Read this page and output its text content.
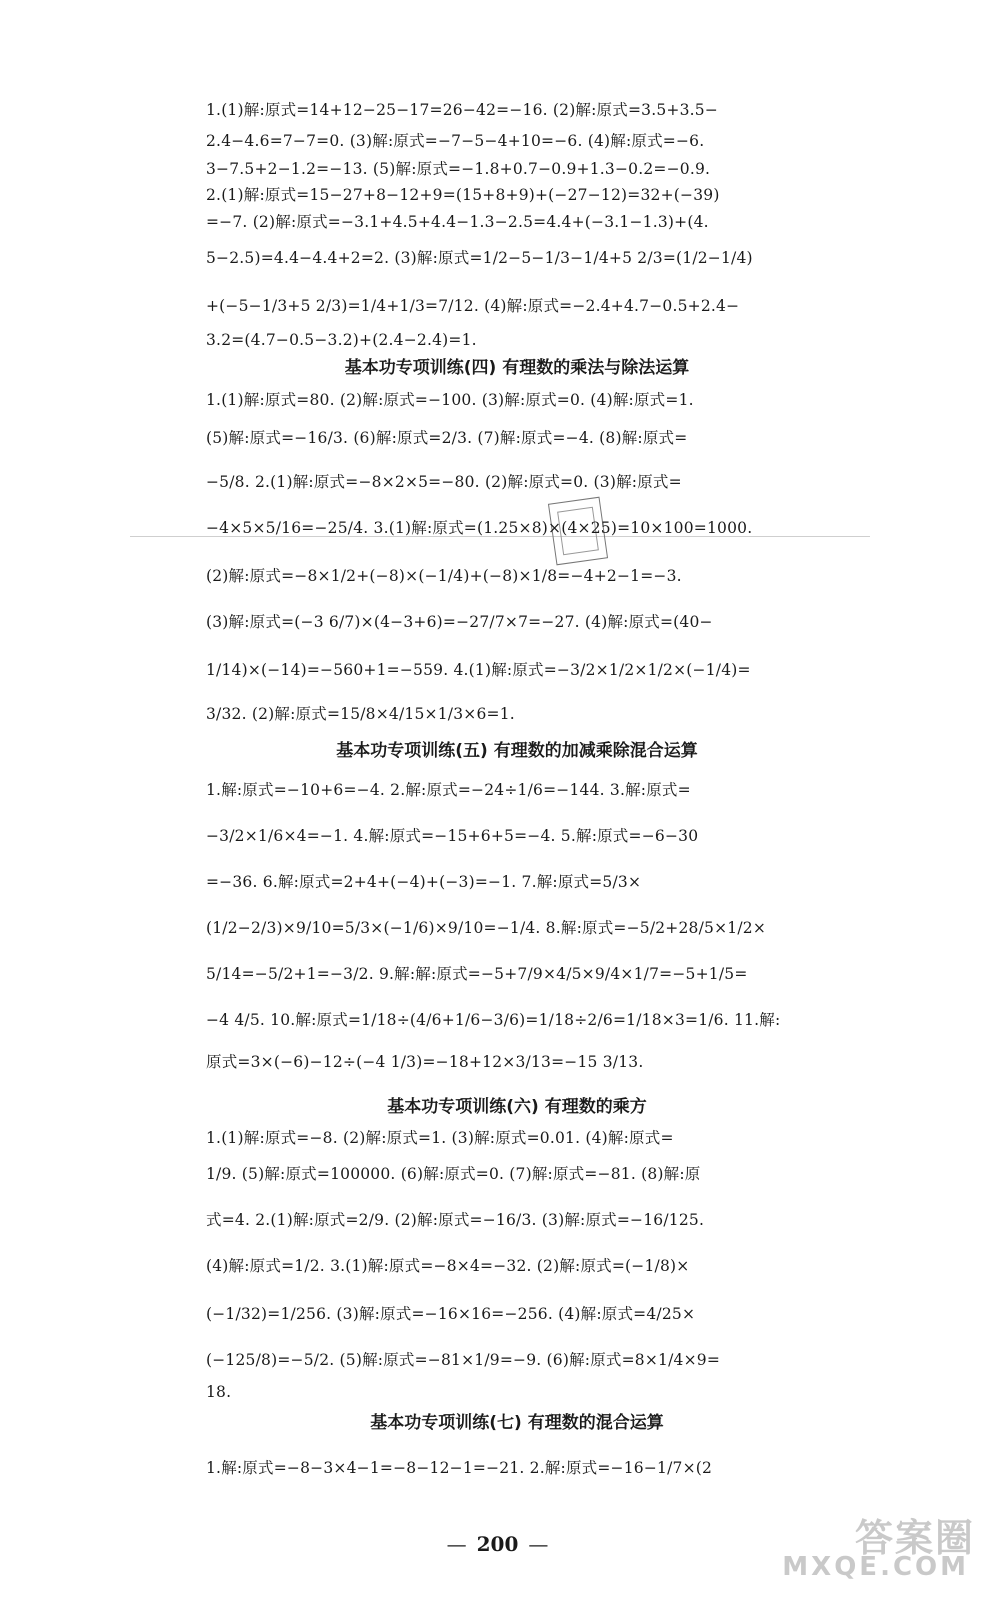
1.(1)解:原式=14+12−25−17=26−42=−16. (2)解:原式=3.5+3.5−
2.4−4.6=7−7=0. (3)解:原式=−7−5−4+10=−6. (4)解:原式=−6.
3−7.5+2−1.2=−13. (5)解:原式=−1.8+0.7−0.9+1.3−0.2=−0.9.
2.(1)解:原式=15−27+8−12+9=(15+8+9)+(−27−12)=32+(−39)
=−7. (2)解:原式=−3.1+4.5+4.4−1.3−2.5=4.4+(−3.1−1.3)+(4.
5−2.5)=4.4−4.4+2=2. (3)解:原式=1/2−5−1/3−1/4+5 2/3=(1/2−1/4)
+(−5−1/3+5 2/3)=1/4+1/3=7/12. (4)解:原式=−2.4+4.7−0.5+2.4−
3.2=(4.7−0.5−3.2)+(2.4−2.4)=1.
基本功专项训练(四) 有理数的乘法与除法运算
1.(1)解:原式=80. (2)解:原式=−100. (3)解:原式=0. (4)解:原式=1.
(5)解:原式=−16/3. (6)解:原式=2/3. (7)解:原式=−4. (8)解:原式=
−5/8. 2.(1)解:原式=−8×2×5=−80. (2)解:原式=0. (3)解:原式=
−4×5×5/16=−25/4. 3.(1)解:原式=(1.25×8)×(4×25)=10×100=1000.
(2)解:原式=−8×1/2+(−8)×(−1/4)+(−8)×1/8=−4+2−1=−3.
(3)解:原式=(−3 6/7)×(4−3+6)=−27/7×7=−27. (4)解:原式=(40−
1/14)×(−14)=−560+1=−559. 4.(1)解:原式=−3/2×1/2×1/2×(−1/4)=
3/32. (2)解:原式=15/8×4/15×1/3×6=1.
基本功专项训练(五) 有理数的加减乘除混合运算
1.解:原式=−10+6=−4. 2.解:原式=−24÷1/6=−144. 3.解:原式=
−3/2×1/6×4=−1. 4.解:原式=−15+6+5=−4. 5.解:原式=−6−30
=−36. 6.解:原式=2+4+(−4)+(−3)=−1. 7.解:原式=5/3×
(1/2−2/3)×9/10=5/3×(−1/6)×9/10=−1/4. 8.解:原式=−5/2+28/5×1/2×
5/14=−5/2+1=−3/2. 9.解:解:原式=−5+7/9×4/5×9/4×1/7=−5+1/5=
−4 4/5. 10.解:原式=1/18÷(4/6+1/6−3/6)=1/18÷2/6=1/18×3=1/6. 11.解:
原式=3×(−6)−12÷(−4 1/3)=−18+12×3/13=−15 3/13.
基本功专项训练(六) 有理数的乘方
1.(1)解:原式=−8. (2)解:原式=1. (3)解:原式=0.01. (4)解:原式=
1/9. (5)解:原式=100000. (6)解:原式=0. (7)解:原式=−81. (8)解:原
式=4. 2.(1)解:原式=2/9. (2)解:原式=−16/3. (3)解:原式=−16/125.
(4)解:原式=1/2. 3.(1)解:原式=−8×4=−32. (2)解:原式=(−1/8)×
(−1/32)=1/256. (3)解:原式=−16×16=−256. (4)解:原式=4/25×
(−125/8)=−5/2. (5)解:原式=−81×1/9=−9. (6)解:原式=8×1/4×9=
18.
基本功专项训练(七) 有理数的混合运算
1.解:原式=−8−3×4−1=−8−12−1=−21. 2.解:原式=−16−1/7×(2
— 200 —	答案圈
MXQE.COM
